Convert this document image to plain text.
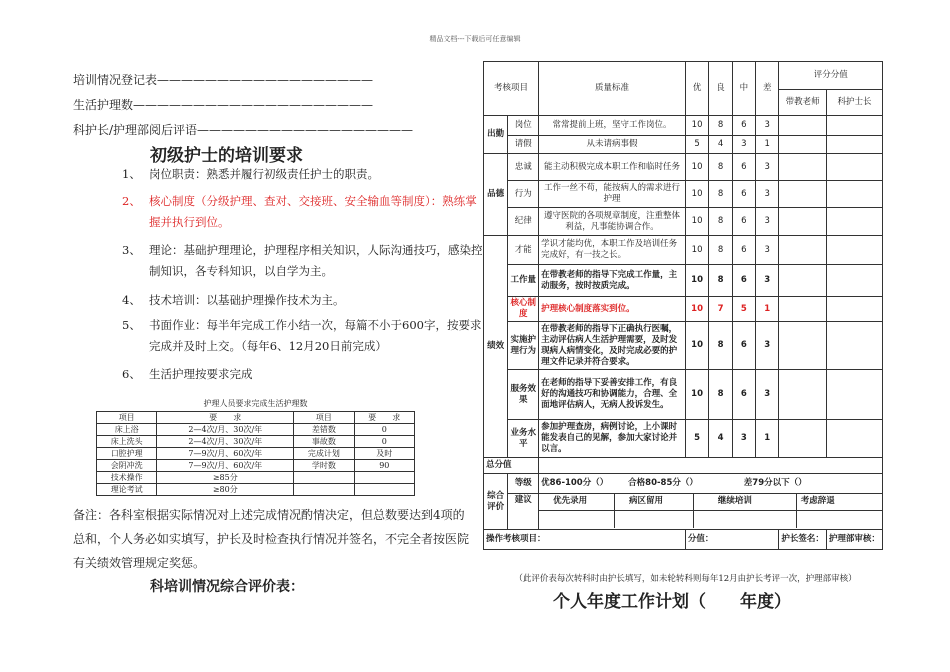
精品文档---下载后可任意编辑
培训情况登记表——————————————————
生活护理数————————————————————
科护长/护理部阅后评语——————————————————
初级护士的培训要求
1、 岗位职责：熟悉并履行初级责任护士的职责。
2、 核心制度（分级护理、查对、交接班、安全输血等制度）：熟练掌握并执行到位。
3、 理论：基础护理理论，护理程序相关知识，人际沟通技巧，感染控制知识，各专科知识，以自学为主。
4、 技术培训：以基础护理操作技术为主。
5、 书面作业：每半年完成工作小结一次，每篇不小于600字，按要求完成并及时上交。（每年6、12月20日前完成）
6、 生活护理按要求完成
护理人员要求完成生活护理数
项目	要　　求	项目	要　　求
床上浴	2—4次/月、30次/年	差错数	0
床上洗头	2—4次/月、30次/年	事故数	0
口腔护理	7—9次/月、60次/年	完成计划	及时
会阴冲洗	7—9次/月、60次/年	学时数	90
技术操作	≥85分		
理论考试	≥80分		
备注：各科室根据实际情况对上述完成情况酌情决定，但总数要达到4项的总和，个人务必如实填写，护长及时检查执行情况并签名，不完全者按医院有关绩效管理规定奖惩。
科培训情况综合评价表：
考核项目	质量标准	优	良	中	差	评分分值
带教老师	科护士长
出勤	岗位	常常提前上班，坚守工作岗位。	10	8	6	3		
请假	从未请病事假	5	4	3	1		
品德	忠诚	能主动积极完成本职工作和临时任务	10	8	6	3		
行为	工作一丝不苟，能按病人的需求进行护理	10	8	6	3		
纪律	遵守医院的各项规章制度，注重整体利益，凡事能协调合作。	10	8	6	3		
绩效	才能	学识才能均优，本职工作及培训任务完成好，有一技之长。	10	8	6	3		
工作量	在带教老师的指导下完成工作量，主动服务，按时按质完成。	10	8	6	3		
核心制度	护理核心制度落实到位。	10	7	5	1		
实施护理行为	在带教老师的指导下正确执行医嘱，主动评估病人生活护理需要，及时发现病人病情变化，及时完成必要的护理文件记录并符合要求。	10	8	6	3		
服务效果	在老师的指导下妥善安排工作，有良好的沟通技巧和协调能力，合理、全面地评估病人，无病人投诉发生。	10	8	6	3		
业务水平	参加护理查房，病例讨论，上小课时能发表自己的见解，参加大家讨论并以言。	5	4	3	1		
总分值	
综合评价	等级	优86-100分（） 合格80-85分（）	差79分以下（）
建议		优先录用	病区留用	继续培训	考虑辞退

操作考核项目：	分值：	护长签名：	护理部审核：
（此评价表每次转科时由护长填写，如未轮转科则每年12月由护长考评一次，护理部审核）
个人年度工作计划（　　年度）
